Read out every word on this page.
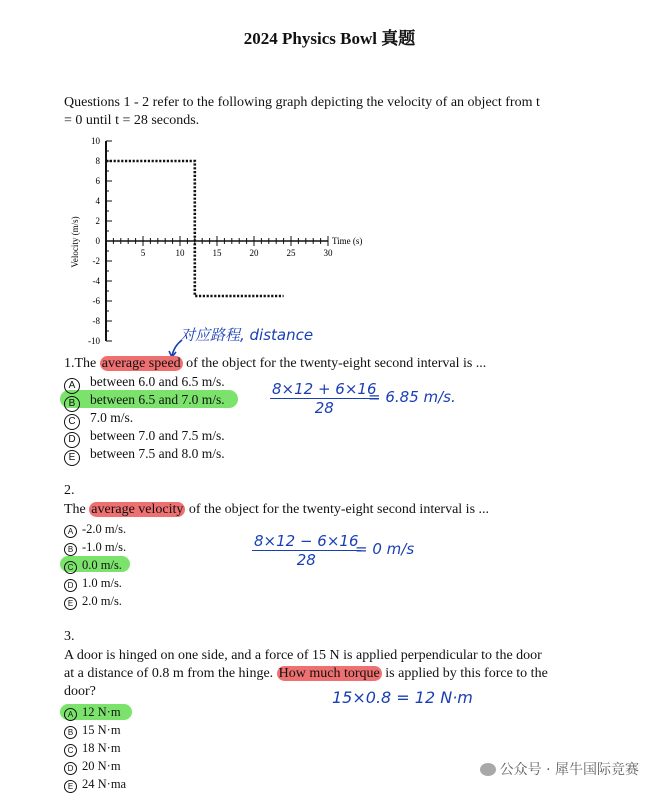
2024 Physics Bowl 真题
Questions 1 - 2 refer to the following graph depicting the velocity of an object from t
= 0 until t = 28 seconds.
10
8
6
4
2
0
-2
-4
-6
-8
-10
5	10	15	20	25	30
Velocity (m/s)	Time (s)
对应路程, distance
1.The average speed of the object for the twenty-eight second interval is ...
A between 6.0 and 6.5 m/s.
B between 6.5 and 7.0 m/s.
C 7.0 m/s.
D between 7.0 and 7.5 m/s.
E between 7.5 and 8.0 m/s.
$\frac{8\times 12 + 6\times 16}{28}$
= 6.85 m/s.
2.
The average velocity of the object for the twenty-eight second interval is ...
A -2.0 m/s.
B -1.0 m/s.
C 0.0 m/s.
D 1.0 m/s.
E 2.0 m/s.
$\frac{8\times 12 - 6\times 16}{28}$
= 0 m/s
3.
A door is hinged on one side, and a force of 15 N is applied perpendicular to the door
at a distance of 0.8 m from the hinge. How much torque is applied by this force to the
door?
A 12 N·m
B 15 N·m
C 18 N·m
D 20 N·m
E 24 N·ma
15×0.8 = 12 N·m
公众号 · 犀牛国际竞赛
